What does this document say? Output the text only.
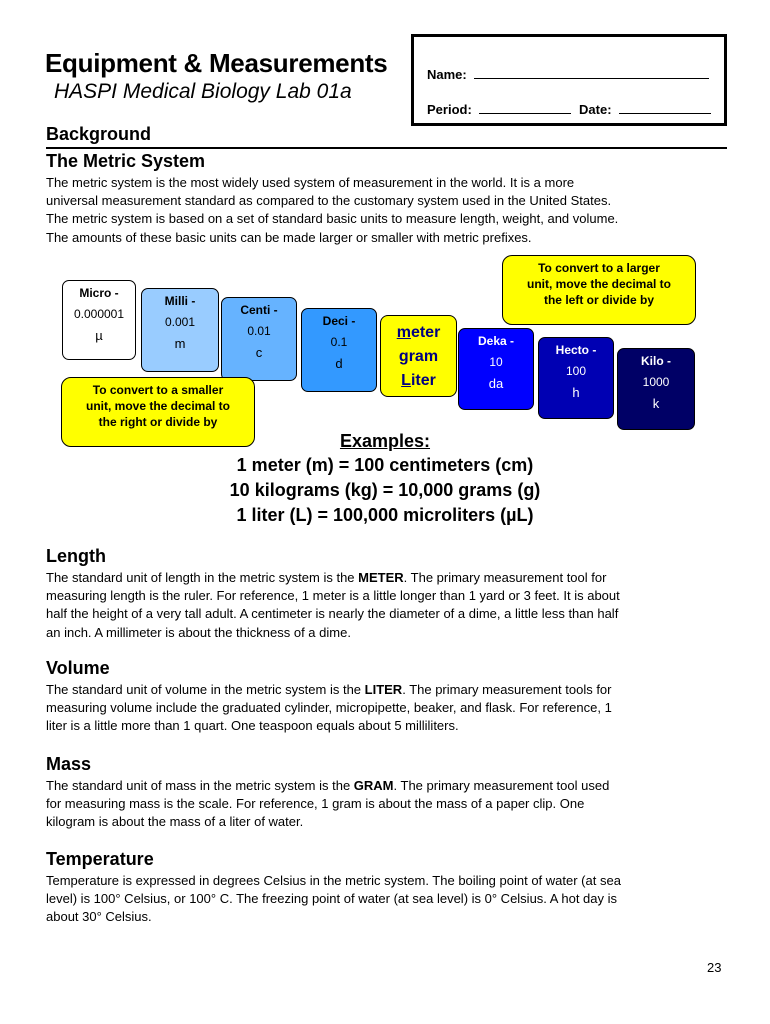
Equipment & Measurements
HASPI Medical Biology Lab 01a
Name:
Period:	Date:
Background
The Metric System
The metric system is the most widely used system of measurement in the world. It is a more
universal measurement standard as compared to the customary system used in the United States.
The metric system is based on a set of standard basic units to measure length, weight, and volume.
The amounts of these basic units can be made larger or smaller with metric prefixes.
Micro -
0.000001
µ
Milli -
0.001
m
Centi -
0.01
c
Deci -
0.1
d
meter
gram
Liter
Deka -
10
da
Hecto -
100
h
Kilo -
1000
k
To convert to a larger
unit, move the decimal to
the left or divide by
To convert to a smaller
unit, move the decimal to
the right or divide by
Examples:
1 meter (m) = 100 centimeters (cm)
10 kilograms (kg) = 10,000 grams (g)
1 liter (L) = 100,000 microliters (µL)
Length
The standard unit of length in the metric system is the METER. The primary measurement tool for
measuring length is the ruler. For reference, 1 meter is a little longer than 1 yard or 3 feet. It is about
half the height of a very tall adult. A centimeter is nearly the diameter of a dime, a little less than half
an inch. A millimeter is about the thickness of a dime.
Volume
The standard unit of volume in the metric system is the LITER. The primary measurement tools for
measuring volume include the graduated cylinder, micropipette, beaker, and flask. For reference, 1
liter is a little more than 1 quart. One teaspoon equals about 5 milliliters.
Mass
The standard unit of mass in the metric system is the GRAM. The primary measurement tool used
for measuring mass is the scale. For reference, 1 gram is about the mass of a paper clip. One
kilogram is about the mass of a liter of water.
Temperature
Temperature is expressed in degrees Celsius in the metric system. The boiling point of water (at sea
level) is 100° Celsius, or 100° C. The freezing point of water (at sea level) is 0° Celsius. A hot day is
about 30° Celsius.
23
